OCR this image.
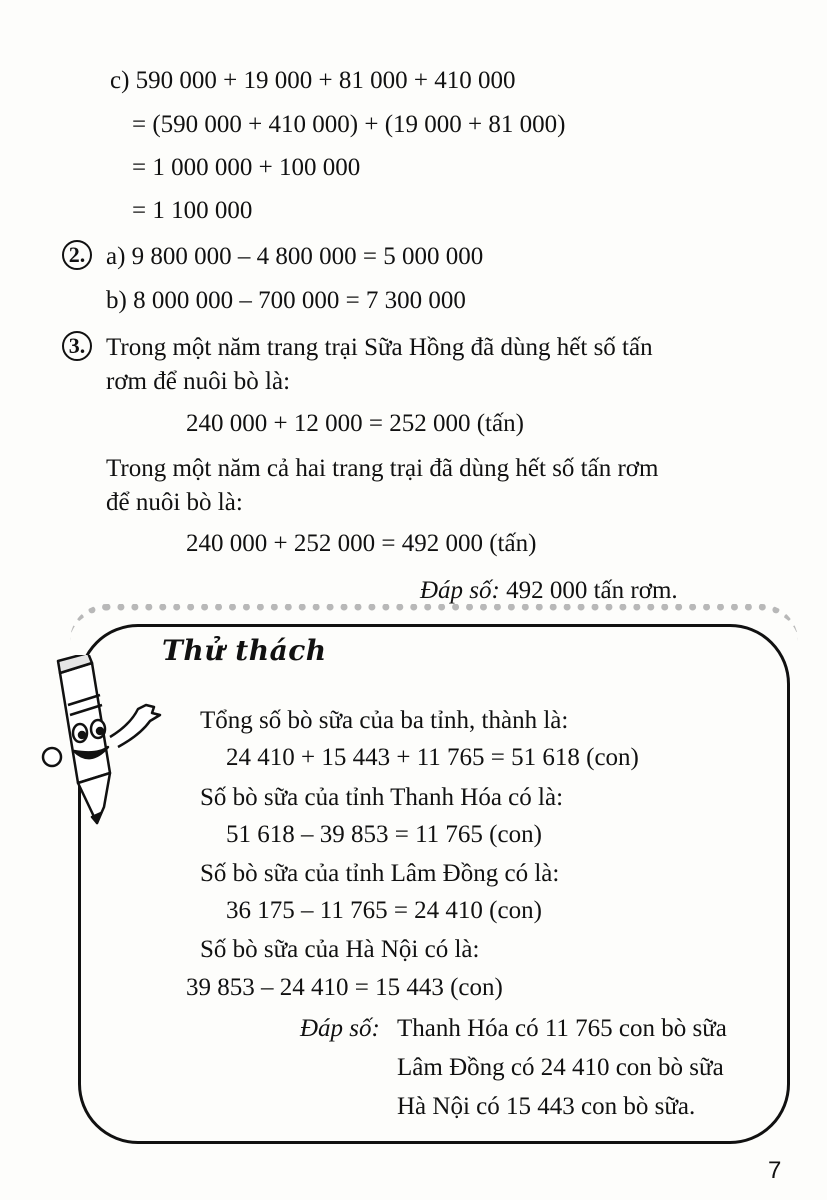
c) 590 000 + 19 000 + 81 000 + 410 000
= (590 000 + 410 000) + (19 000 + 81 000)
= 1 000 000 + 100 000
= 1 100 000
2. a) 9 800 000 – 4 800 000 = 5 000 000
b) 8 000 000 – 700 000 = 7 300 000
3. Trong một năm trang trại Sữa Hồng đã dùng hết số tấn
rơm để nuôi bò là:
240 000 + 12 000 = 252 000 (tấn)
Trong một năm cả hai trang trại đã dùng hết số tấn rơm
để nuôi bò là:
240 000 + 252 000 = 492 000 (tấn)
Đáp số: 492 000 tấn rơm.
Thử thách
Tổng số bò sữa của ba tỉnh, thành là:
24 410 + 15 443 + 11 765 = 51 618 (con)
Số bò sữa của tỉnh Thanh Hóa có là:
51 618 – 39 853 = 11 765 (con)
Số bò sữa của tỉnh Lâm Đồng có là:
36 175 – 11 765 = 24 410 (con)
Số bò sữa của Hà Nội có là:
39 853 – 24 410 = 15 443 (con)
Đáp số: Thanh Hóa có 11 765 con bò sữa
Lâm Đồng có 24 410 con bò sữa
Hà Nội có 15 443 con bò sữa.
7
